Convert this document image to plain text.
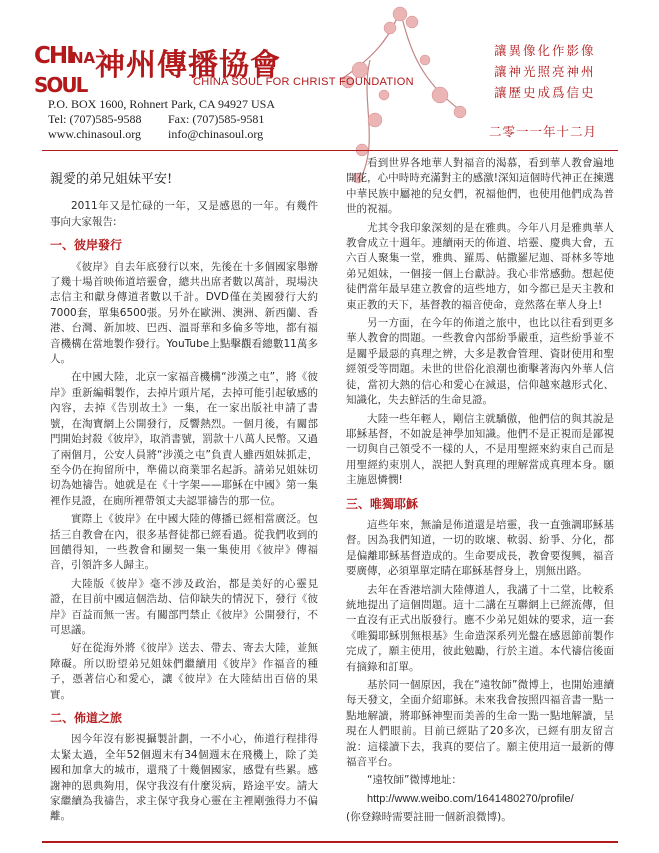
CHI
NA
SOUL
神州傳播協會
CHINA SOUL FOR CHRIST FOUNDATION
P.O. BOX 1600, Rohnert Park, CA 94927 USA
Tel: (707)585-9588	Fax: (707)585-9581
www.chinasoul.org	info@chinasoul.org
讓異像化作影像
讓神光照亮神州
讓歷史成爲信史
二零一一年十二月
親愛的弟兄姐妹平安!

2011年又是忙碌的一年，又是感恩的一年。有幾件事向大家報告:

一、彼岸發行

《彼岸》自去年底發行以來，先後在十多個國家舉辦了幾十場首映佈道培靈會，總共出席者數以萬計，現場決志信主和獻身傳道者數以千計。DVD僅在美國發行大約7000套，單集6500張。另外在歐洲、澳洲、新西蘭、香港、台灣、新加坡、巴西、溫哥華和多倫多等地，都有福音機構在當地製作發行。YouTube上點擊觀看總數11萬多人。

在中國大陸，北京一家福音機構“涉漢之屯”，將《彼岸》重新編輯製作，去掉片頭片尾，去掉可能引起敏感的內容，去掉《告別故土》一集，在一家出版社申請了書號，在淘寶網上公開發行，反響熱烈。一個月後，有關部門開始封殺《彼岸》，取消書號，罰款十八萬人民幣。又過了兩個月，公安人員將“涉漢之屯”負責人雖西姐妹抓走，至今仍在拘留所中，準備以商業罪名起訴。請弟兄姐妹切切為她禱告。她就是在《十字架——耶穌在中國》第一集裡作見證，在廁所裡帶領丈夫認罪禱告的那一位。

實際上《彼岸》在中國大陸的傳播已經相當廣泛。包括三自教會在內，很多基督徒都已經看過。從我們收到的回饋得知，一些教會和團契一集一集使用《彼岸》傳福音，引領許多人歸主。

大陸版《彼岸》毫不涉及政治，都是美好的心靈見證，在目前中國這個浩劫、信仰缺失的情況下，發行《彼岸》百益而無一害。有關部門禁止《彼岸》公開發行，不可思議。

好在從海外將《彼岸》送去、帶去、寄去大陸，並無障礙。所以盼望弟兄姐妹們繼續用《彼岸》作福音的種子，憑著信心和愛心，讓《彼岸》在大陸結出百倍的果實。

二、佈道之旅

因今年沒有影視攝製計劃，一不小心，佈道行程排得太緊太過，全年52個週末有34個週末在飛機上，除了美國和加拿大的城市，還飛了十幾個國家，感覺有些累。感謝神的恩典夠用，保守我沒有什麼災病，路途平安。請大家繼續為我禱告，求主保守我身心靈在主裡剛強得力不偏離。

看到世界各地華人對福音的渴慕，看到華人教會遍地開花，心中時時充滿對主的感激!深知這個時代神正在揀選中華民族中屬祂的兒女們，祝福他們，也使用他們成為普世的祝福。

尤其令我印象深刻的是在雅典。今年八月是雅典華人教會成立十週年。連續兩天的佈道、培靈、慶典大會，五六百人聚集一堂，雅典、羅馬、帖撒羅尼迦、哥林多等地弟兄姐妹，一個接一個上台獻詩。我心非常感動。想起使徒們當年最早建立教會的這些地方，如今都已是天主教和東正教的天下，基督教的福音使命，竟然落在華人身上!

另一方面，在今年的佈道之旅中，也比以往看到更多華人教會的問題。一些教會內部紛爭嚴重，這些紛爭並不是關乎最惡的真理之辨，大多是教會管理、資財使用和聖經領受等問題。未世的世俗化浪潮也衝擊著海內外華人信徒，當初大熱的信心和愛心在減退，信仰越來越形式化、知識化，失去鮮活的生命見證。

大陸一些年輕人，剛信主就驕傲，他們信的與其說是耶穌基督，不如說是神學加知識。他們不是正視而是鄙視一切與自己領受不一樣的人，不是用聖經來約束自己而是用聖經約束別人，誤把人對真理的理解當成真理本身。願主施恩憐憫!

三、唯獨耶穌

這些年來，無論是佈道還是培靈，我一直強調耶穌基督。因為我們知道，一切的敗壞、軟弱、紛爭、分化，都是偏離耶穌基督造成的。生命要成長，教會要復興，福音要廣傳，必須單單定睛在耶穌基督身上，別無出路。

去年在香港培訓大陸傳道人，我講了十二堂，比較系統地提出了這個問題。這十二講在互聯網上已經流傳，但一直沒有正式出版發行。應不少弟兄姐妹的要求，這一套《唯獨耶穌別無根基》生命造深系列光盤在感恩節前製作完成了，願主使用，彼此勉勵，行於主道。本代禱信後面有摘錄和訂單。

基於同一個原因，我在“遠牧師”微博上，也開始連續每天發文，全面介紹耶穌。未來我會按照四福音書一點一點地解讀，將耶穌神聖而美善的生命一點一點地解讀，呈現在人們眼前。目前已經貼了20多次，已經有朋友留言說：這樣讀下去，我真的要信了。願主使用這一最新的傳福音平台。

“遠牧師”微博地址：

http://www.weibo.com/1641480270/profile/

(你登錄時需要註冊一個新浪微博)。
